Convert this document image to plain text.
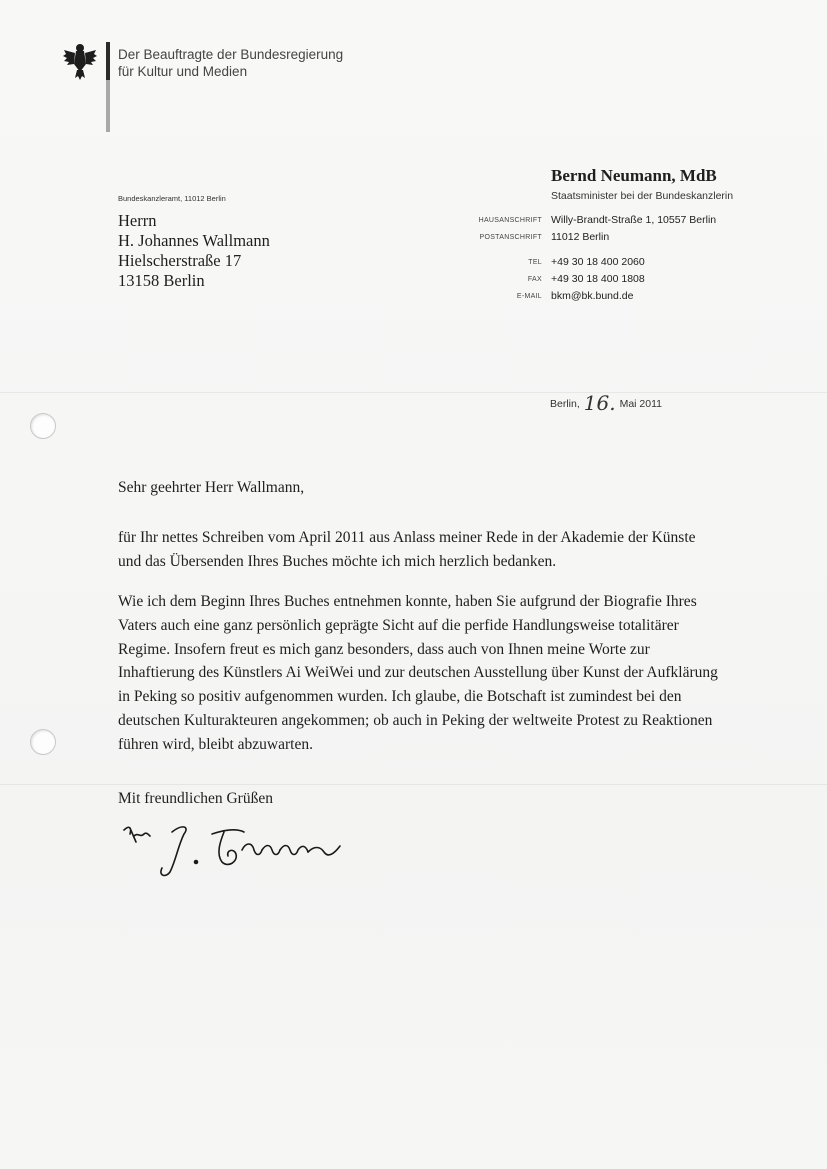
Der Beauftragte der Bundesregierung
für Kultur und Medien
Bundeskanzleramt, 11012 Berlin
Herrn
H. Johannes Wallmann
Hielscherstraße 17
13158 Berlin
Bernd Neumann, MdB
Staatsminister bei der Bundeskanzlerin
HAUSANSCHRIFT Willy-Brandt-Straße 1, 10557 Berlin
POSTANSCHRIFT 11012 Berlin
TEL +49 30 18 400 2060
FAX +49 30 18 400 1808
E-MAIL bkm@bk.bund.de
Berlin, 16. Mai 2011
Sehr geehrter Herr Wallmann,
für Ihr nettes Schreiben vom April 2011 aus Anlass meiner Rede in der Akademie der Künste und das Übersenden Ihres Buches möchte ich mich herzlich bedanken.
Wie ich dem Beginn Ihres Buches entnehmen konnte, haben Sie aufgrund der Biografie Ihres Vaters auch eine ganz persönlich geprägte Sicht auf die perfide Handlungsweise totalitärer Regime. Insofern freut es mich ganz besonders, dass auch von Ihnen meine Worte zur Inhaftierung des Künstlers Ai WeiWei und zur deutschen Ausstellung über Kunst der Aufklärung in Peking so positiv aufgenommen wurden. Ich glaube, die Botschaft ist zumindest bei den deutschen Kulturakteuren angekommen; ob auch in Peking der weltweite Protest zu Reaktionen führen wird, bleibt abzuwarten.
Mit freundlichen Grüßen
